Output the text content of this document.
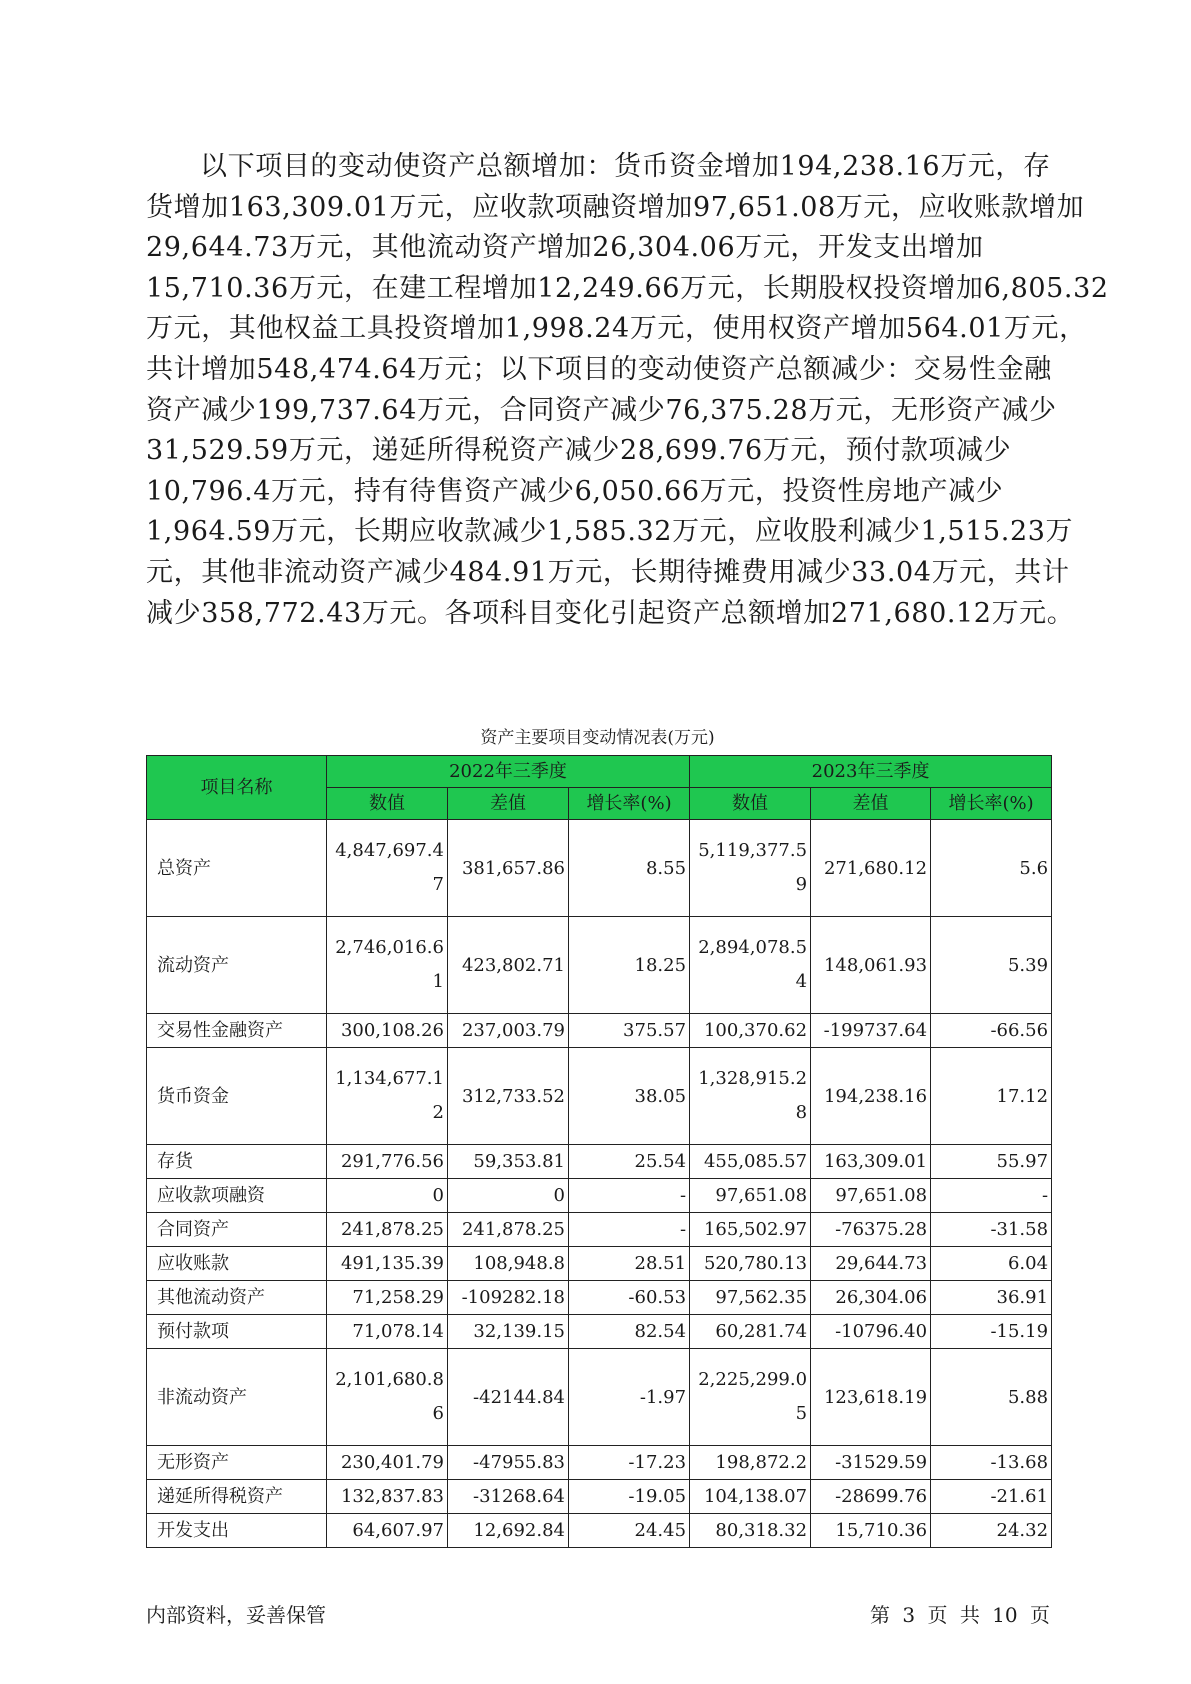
以下项目的变动使资产总额增加：货币资金增加194,238.16万元，存
货增加163,309.01万元，应收款项融资增加97,651.08万元，应收账款增加
29,644.73万元，其他流动资产增加26,304.06万元，开发支出增加
15,710.36万元，在建工程增加12,249.66万元，长期股权投资增加6,805.32
万元，其他权益工具投资增加1,998.24万元，使用权资产增加564.01万元，
共计增加548,474.64万元；以下项目的变动使资产总额减少：交易性金融
资产减少199,737.64万元，合同资产减少76,375.28万元，无形资产减少
31,529.59万元，递延所得税资产减少28,699.76万元，预付款项减少
10,796.4万元，持有待售资产减少6,050.66万元，投资性房地产减少
1,964.59万元，长期应收款减少1,585.32万元，应收股利减少1,515.23万
元，其他非流动资产减少484.91万元，长期待摊费用减少33.04万元，共计
减少358,772.43万元。各项科目变化引起资产总额增加271,680.12万元。
资产主要项目变动情况表(万元)
项目名称	2022年三季度			2023年三季度		
	数值	差值	增长率(%)	数值	差值	增长率(%)
总资产	4,847,697.47	381,657.86	8.55	5,119,377.59	271,680.12	5.6
流动资产	2,746,016.61	423,802.71	18.25	2,894,078.54	148,061.93	5.39
交易性金融资产	300,108.26	237,003.79	375.57	100,370.62	-199737.64	-66.56
货币资金	1,134,677.12	312,733.52	38.05	1,328,915.28	194,238.16	17.12
存货	291,776.56	59,353.81	25.54	455,085.57	163,309.01	55.97
应收款项融资	0	0	-	97,651.08	97,651.08	-
合同资产	241,878.25	241,878.25	-	165,502.97	-76375.28	-31.58
应收账款	491,135.39	108,948.8	28.51	520,780.13	29,644.73	6.04
其他流动资产	71,258.29	-109282.18	-60.53	97,562.35	26,304.06	36.91
预付款项	71,078.14	32,139.15	82.54	60,281.74	-10796.40	-15.19
非流动资产	2,101,680.86	-42144.84	-1.97	2,225,299.05	123,618.19	5.88
无形资产	230,401.79	-47955.83	-17.23	198,872.2	-31529.59	-13.68
递延所得税资产	132,837.83	-31268.64	-19.05	104,138.07	-28699.76	-21.61
开发支出	64,607.97	12,692.84	24.45	80,318.32	15,710.36	24.32
内部资料，妥善保管	第 3 页 共 10 页
